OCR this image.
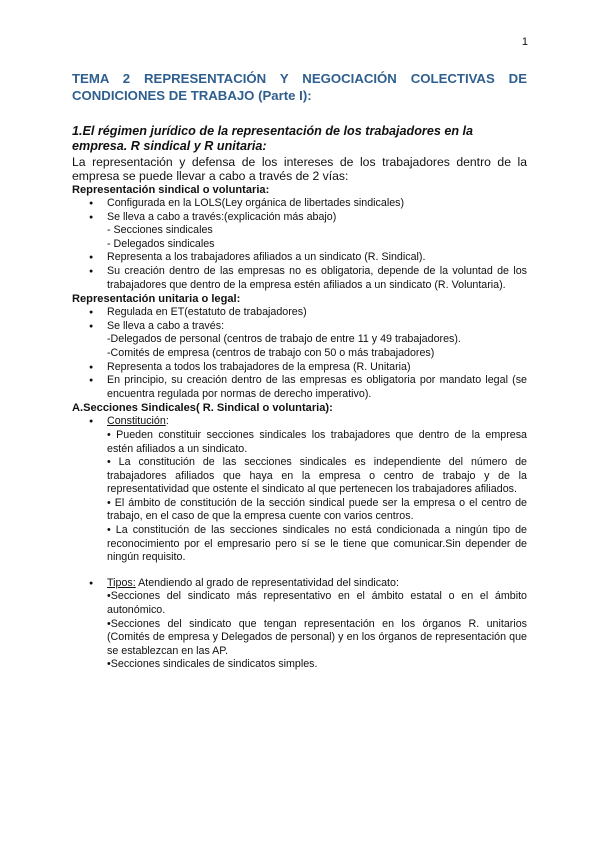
1
TEMA 2 REPRESENTACIÓN Y NEGOCIACIÓN COLECTIVAS DE CONDICIONES DE TRABAJO (Parte I):
1.El régimen jurídico de la representación de los trabajadores en la empresa. R sindical y R unitaria:
La representación y defensa de los intereses de los trabajadores dentro de la empresa se puede llevar a cabo a través de 2 vías:
Representación sindical o voluntaria:
● Configurada en la LOLS(Ley orgánica de libertades sindicales)
● Se lleva a cabo a través:(explicación más abajo)
- Secciones sindicales
- Delegados sindicales
● Representa a los trabajadores afiliados a un sindicato (R. Sindical).
● Su creación dentro de las empresas no es obligatoria, depende de la voluntad de los trabajadores que dentro de la empresa estén afiliados a un sindicato (R. Voluntaria).
Representación unitaria o legal:
● Regulada en ET(estatuto de trabajadores)
● Se lleva a cabo a través:
-Delegados de personal (centros de trabajo de entre 11 y 49 trabajadores).
-Comités de empresa (centros de trabajo con 50 o más trabajadores)
● Representa a todos los trabajadores de la empresa (R. Unitaria)
● En principio, su creación dentro de las empresas es obligatoria por mandato legal (se encuentra regulada por normas de derecho imperativo).
A.Secciones Sindicales( R. Sindical o voluntaria):
● Constitución:

• Pueden constituir secciones sindicales los trabajadores que dentro de la empresa estén afiliados a un sindicato.

• La constitución de las secciones sindicales es independiente del número de trabajadores afiliados que haya en la empresa o centro de trabajo y de la representatividad que ostente el sindicato al que pertenecen los trabajadores afiliados.

• El ámbito de constitución de la sección sindical puede ser la empresa o el centro de trabajo, en el caso de que la empresa cuente con varios centros.

• La constitución de las secciones sindicales no está condicionada a ningún tipo de reconocimiento por el empresario pero sí se le tiene que comunicar.Sin depender de ningún requisito.

● Tipos: Atendiendo al grado de representatividad del sindicato:

•Secciones del sindicato más representativo en el ámbito estatal o en el ámbito autonómico.

•Secciones del sindicato que tengan representación en los órganos R. unitarios (Comités de empresa y Delegados de personal) y en los órganos de representación que se establezcan en las AP.

•Secciones sindicales de sindicatos simples.
